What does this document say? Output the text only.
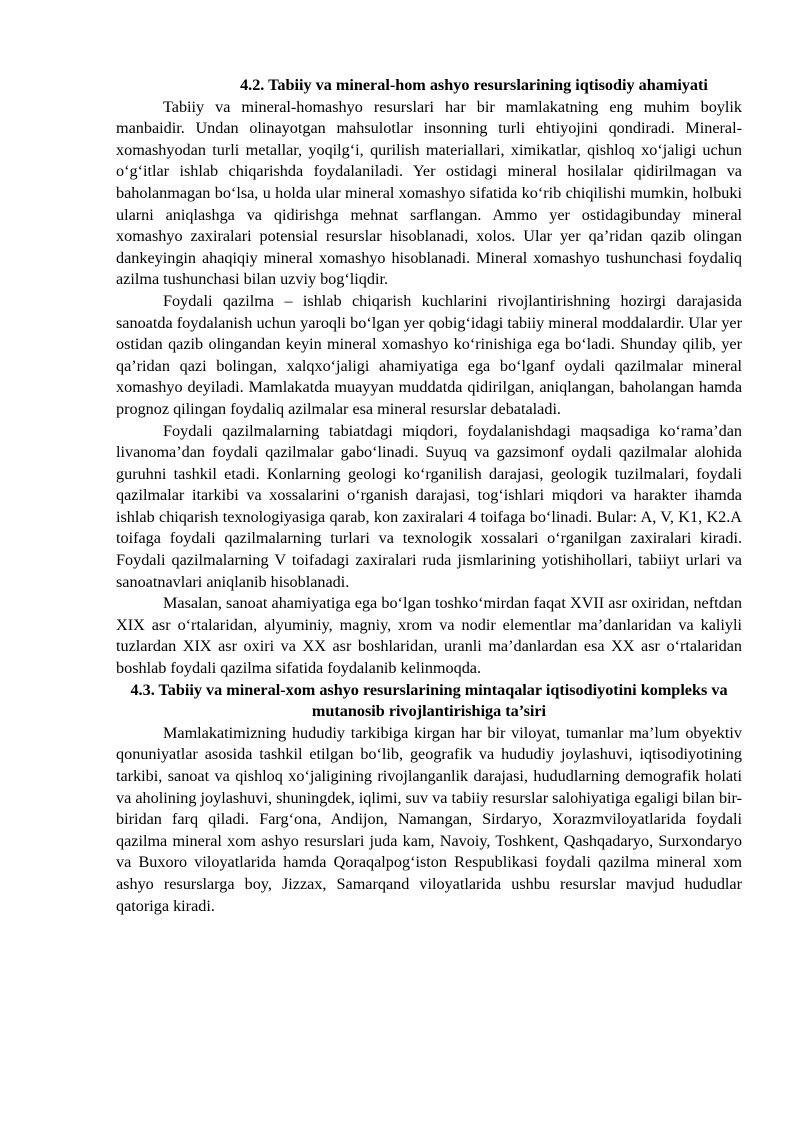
4.2. Tabiiy va mineral-hom ashyo resurslarining iqtisodiy ahamiyati

Tabiiy va mineral-homashyo resurslari har bir mamlakatning eng muhim boylik manbaidir. Undan olinayotgan mahsulotlar insonning turli ehtiyojini qondiradi. Mineral-xomashyodan turli metallar, yoqilg‘i, qurilish materiallari, ximikatlar, qishloq xo‘jaligi uchun o‘g‘itlar ishlab chiqarishda foydalaniladi. Yer ostidagi mineral hosilalar qidirilmagan va baholanmagan bo‘lsa, u holda ular mineral xomashyo sifatida ko‘rib chiqilishi mumkin, holbuki ularni aniqlashga va qidirishga mehnat sarflangan. Ammo yer ostidagibunday mineral xomashyo zaxiralari potensial resurslar hisoblanadi, xolos. Ular yer qa’ridan qazib olingan dankeyingin ahaqiqiy mineral xomashyo hisoblanadi. Mineral xomashyo tushunchasi foydaliq azilma tushunchasi bilan uzviy bog‘liqdir.

Foydali qazilma – ishlab chiqarish kuchlarini rivojlantirishning hozirgi darajasida sanoatda foydalanish uchun yaroqli bo‘lgan yer qobig‘idagi tabiiy mineral moddalardir. Ular yer ostidan qazib olingandan keyin mineral xomashyo ko‘rinishiga ega bo‘ladi. Shunday qilib, yer qa’ridan qazi bolingan, xalqxo‘jaligi ahamiyatiga ega bo‘lganf oydali qazilmalar mineral xomashyo deyiladi. Mamlakatda muayyan muddatda qidirilgan, aniqlangan, baholangan hamda prognoz qilingan foydaliq azilmalar esa mineral resurslar debataladi.

Foydali qazilmalarning tabiatdagi miqdori, foydalanishdagi maqsadiga ko‘rama’dan livanoma’dan foydali qazilmalar gabo‘linadi. Suyuq va gazsimonf oydali qazilmalar alohida guruhni tashkil etadi. Konlarning geologi ko‘rganilish darajasi, geologik tuzilmalari, foydali qazilmalar itarkibi va xossalarini o‘rganish darajasi, tog‘ishlari miqdori va harakter ihamda ishlab chiqarish texnologiyasiga qarab, kon zaxiralari 4 toifaga bo‘linadi. Bular: A, V, K1, K2.A toifaga foydali qazilmalarning turlari va texnologik xossalari o‘rganilgan zaxiralari kiradi. Foydali qazilmalarning V toifadagi zaxiralari ruda jismlarining yotishihollari, tabiiyt urlari va sanoatnavlari aniqlanib hisoblanadi.

Masalan, sanoat ahamiyatiga ega bo‘lgan toshko‘mirdan faqat XVII asr oxiridan, neftdan XIX asr o‘rtalaridan, alyuminiy, magniy, xrom va nodir elementlar ma’danlaridan va kaliyli tuzlardan XIX asr oxiri va XX asr boshlaridan, uranli ma’danlardan esa XX asr o‘rtalaridan boshlab foydali qazilma sifatida foydalanib kelinmoqda.

4.3. Tabiiy va mineral-xom ashyo resurslarining mintaqalar iqtisodiyotini kompleks va mutanosib rivojlantirishiga ta’siri

Mamlakatimizning hududiy tarkibiga kirgan har bir viloyat, tumanlar ma’lum obyektiv qonuniyatlar asosida tashkil etilgan bo‘lib, geografik va hududiy joylashuvi, iqtisodiyotining tarkibi, sanoat va qishloq xo‘jaligining rivojlanganlik darajasi, hududlarning demografik holati va aholining joylashuvi, shuningdek, iqlimi, suv va tabiiy resurslar salohiyatiga egaligi bilan bir-biridan farq qiladi. Farg‘ona, Andijon, Namangan, Sirdaryo, Xorazmviloyatlarida foydali qazilma mineral xom ashyo resurslari juda kam, Navoiy, Toshkent, Qashqadaryo, Surxondaryo va Buxoro viloyatlarida hamda Qoraqalpog‘iston Respublikasi foydali qazilma mineral xom ashyo resurslarga boy, Jizzax, Samarqand viloyatlarida ushbu resurslar mavjud hududlar qatoriga kiradi.
